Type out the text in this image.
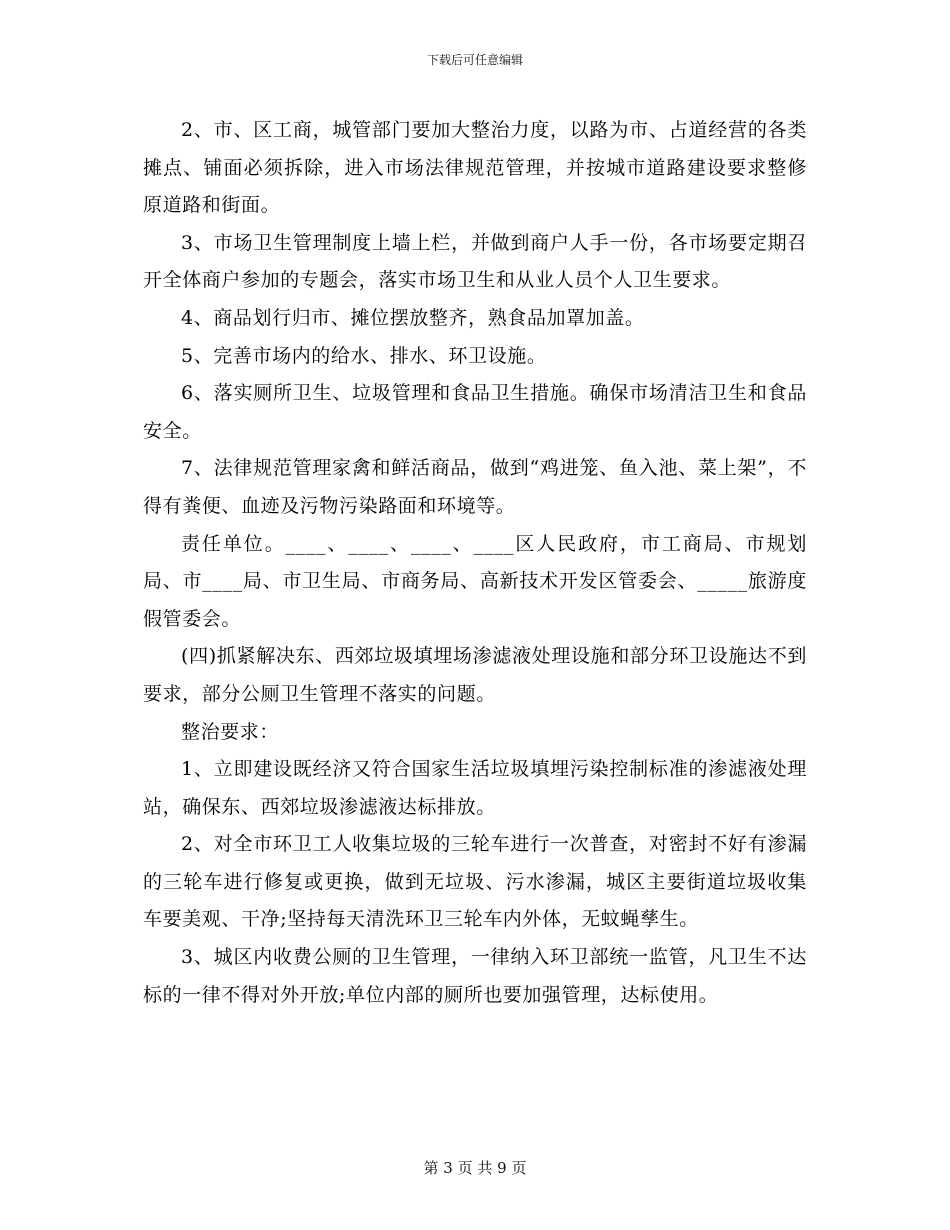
下载后可任意编辑

2、市、区工商，城管部门要加大整治力度，以路为市、占道经营的各类摊点、铺面必须拆除，进入市场法律规范管理，并按城市道路建设要求整修原道路和街面。

3、市场卫生管理制度上墙上栏，并做到商户人手一份，各市场要定期召开全体商户参加的专题会，落实市场卫生和从业人员个人卫生要求。

4、商品划行归市、摊位摆放整齐，熟食品加罩加盖。

5、完善市场内的给水、排水、环卫设施。

6、落实厕所卫生、垃圾管理和食品卫生措施。确保市场清洁卫生和食品安全。

7、法律规范管理家禽和鲜活商品，做到“鸡进笼、鱼入池、菜上架”，不得有粪便、血迹及污物污染路面和环境等。

责任单位。____、____、____、____区人民政府，市工商局、市规划局、市____局、市卫生局、市商务局、高新技术开发区管委会、_____旅游度假管委会。

(四)抓紧解决东、西郊垃圾填埋场渗滤液处理设施和部分环卫设施达不到要求，部分公厕卫生管理不落实的问题。

整治要求：

1、立即建设既经济又符合国家生活垃圾填埋污染控制标准的渗滤液处理站，确保东、西郊垃圾渗滤液达标排放。

2、对全市环卫工人收集垃圾的三轮车进行一次普查，对密封不好有渗漏的三轮车进行修复或更换，做到无垃圾、污水渗漏，城区主要街道垃圾收集车要美观、干净;坚持每天清洗环卫三轮车内外体，无蚊蝇孳生。

3、城区内收费公厕的卫生管理，一律纳入环卫部统一监管，凡卫生不达标的一律不得对外开放;单位内部的厕所也要加强管理，达标使用。

第 3 页 共 9 页
